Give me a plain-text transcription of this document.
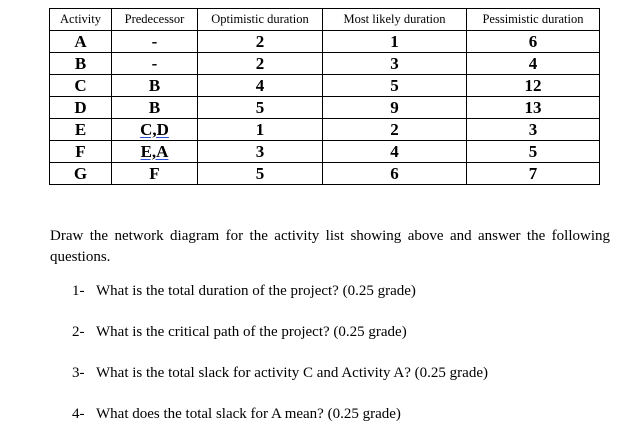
Activity	Predecessor	Optimistic duration	Most likely duration	Pessimistic duration
A	-	2	1	6
B	-	2	3	4
C	B	4	5	12
D	B	5	9	13
E	C,D	1	2	3
F	E,A	3	4	5
G	F	5	6	7

Draw the network diagram for the activity list showing above and answer the following questions.

1- What is the total duration of the project? (0.25 grade)
2- What is the critical path of the project? (0.25 grade)
3- What is the total slack for activity C and Activity A? (0.25 grade)
4- What does the total slack for A mean? (0.25 grade)
